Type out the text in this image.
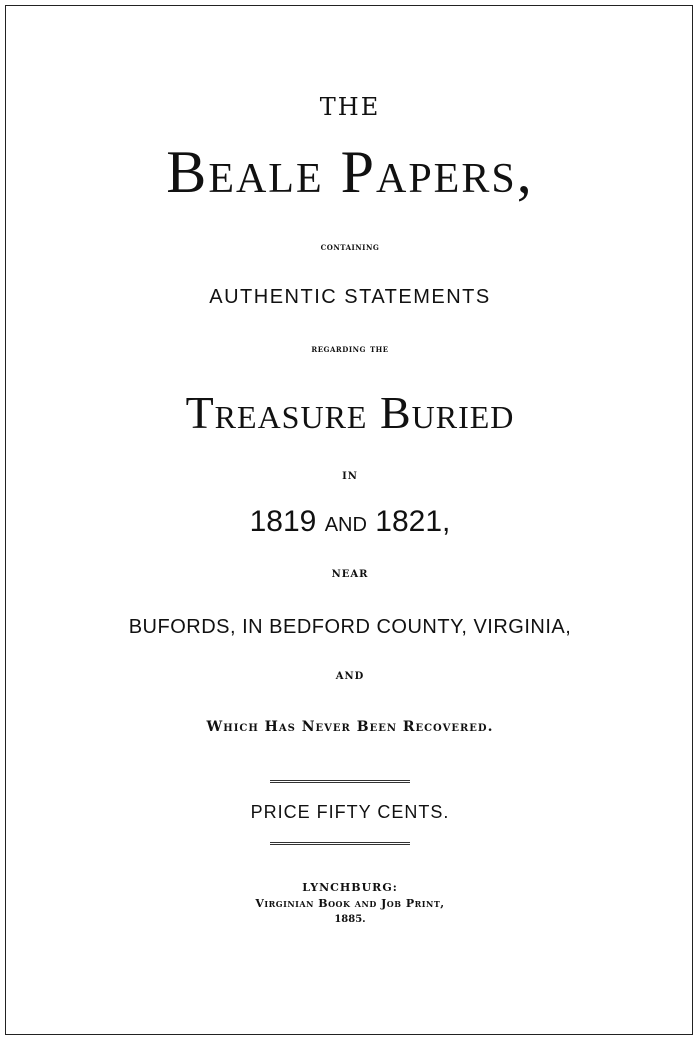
THE
Beale Papers,
containing
AUTHENTIC STATEMENTS
regarding the
Treasure Buried
IN
1819 and 1821,
NEAR
BUFORDS, IN BEDFORD COUNTY, VIRGINIA,
AND
Which Has Never Been Recovered.
PRICE FIFTY CENTS.
LYNCHBURG:
Virginian Book and Job Print,
1885.
